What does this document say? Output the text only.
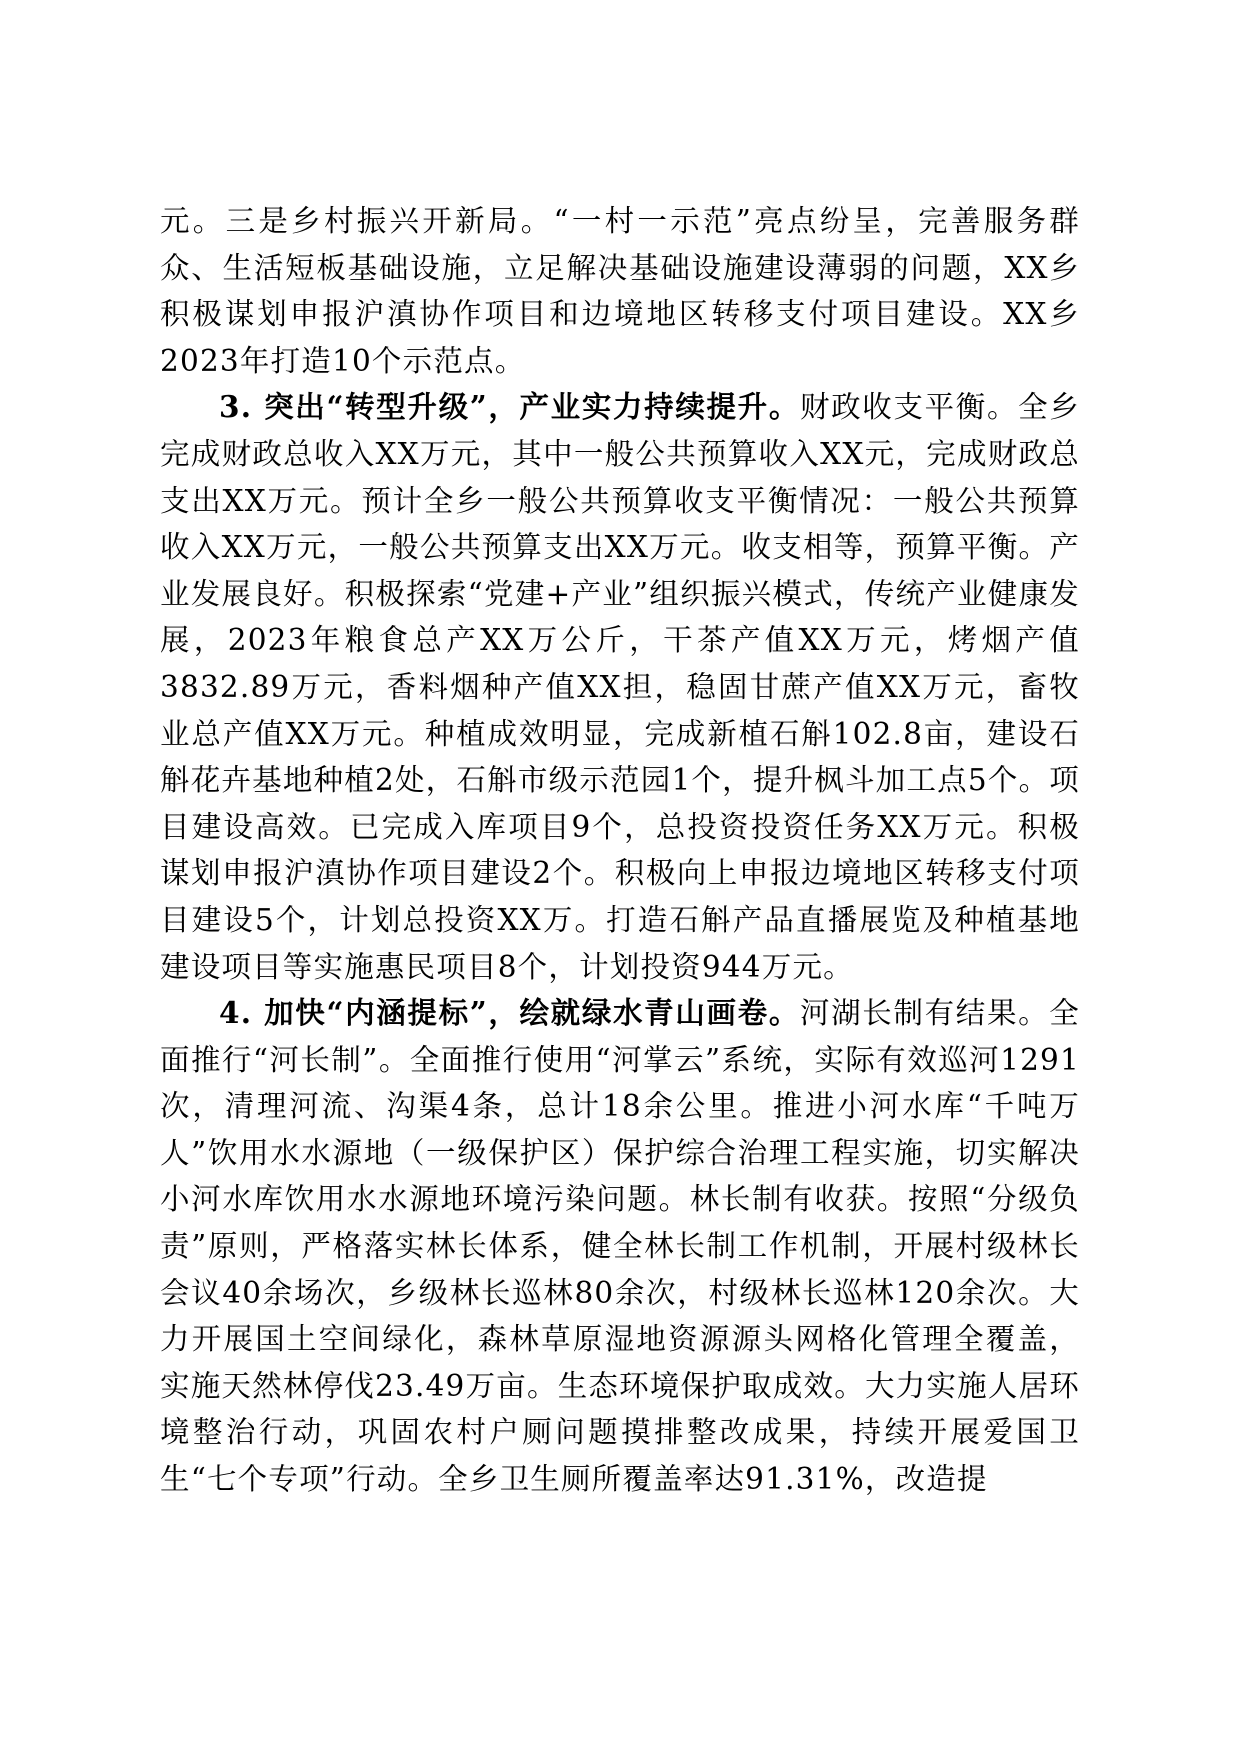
元。三是乡村振兴开新局。“一村一示范”亮点纷呈，完善服务群众、生活短板基础设施，立足解决基础设施建设薄弱的问题，XX乡积极谋划申报沪滇协作项目和边境地区转移支付项目建设。XX乡2023年打造10个示范点。

3. 突出“转型升级”，产业实力持续提升。财政收支平衡。全乡完成财政总收入XX万元，其中一般公共预算收入XX元，完成财政总支出XX万元。预计全乡一般公共预算收支平衡情况：一般公共预算收入XX万元，一般公共预算支出XX万元。收支相等，预算平衡。产业发展良好。积极探索“党建+产业”组织振兴模式，传统产业健康发展，2023年粮食总产XX万公斤，干茶产值XX万元，烤烟产值3832.89万元，香料烟种产值XX担，稳固甘蔗产值XX万元，畜牧业总产值XX万元。种植成效明显，完成新植石斛102.8亩，建设石斛花卉基地种植2处，石斛市级示范园1个，提升枫斗加工点5个。项目建设高效。已完成入库项目9个，总投资投资任务XX万元。积极谋划申报沪滇协作项目建设2个。积极向上申报边境地区转移支付项目建设5个，计划总投资XX万。打造石斛产品直播展览及种植基地建设项目等实施惠民项目8个，计划投资944万元。

4. 加快“内涵提标”，绘就绿水青山画卷。河湖长制有结果。全面推行“河长制”。全面推行使用“河掌云”系统，实际有效巡河1291次，清理河流、沟渠4条，总计18余公里。推进小河水库“千吨万人”饮用水水源地（一级保护区）保护综合治理工程实施，切实解决小河水库饮用水水源地环境污染问题。林长制有收获。按照“分级负责”原则，严格落实林长体系，健全林长制工作机制，开展村级林长会议40余场次，乡级林长巡林80余次，村级林长巡林120余次。大力开展国土空间绿化，森林草原湿地资源源头网格化管理全覆盖，实施天然林停伐23.49万亩。生态环境保护取成效。大力实施人居环境整治行动，巩固农村户厕问题摸排整改成果，持续开展爱国卫生“七个专项”行动。全乡卫生厕所覆盖率达91.31%，改造提
